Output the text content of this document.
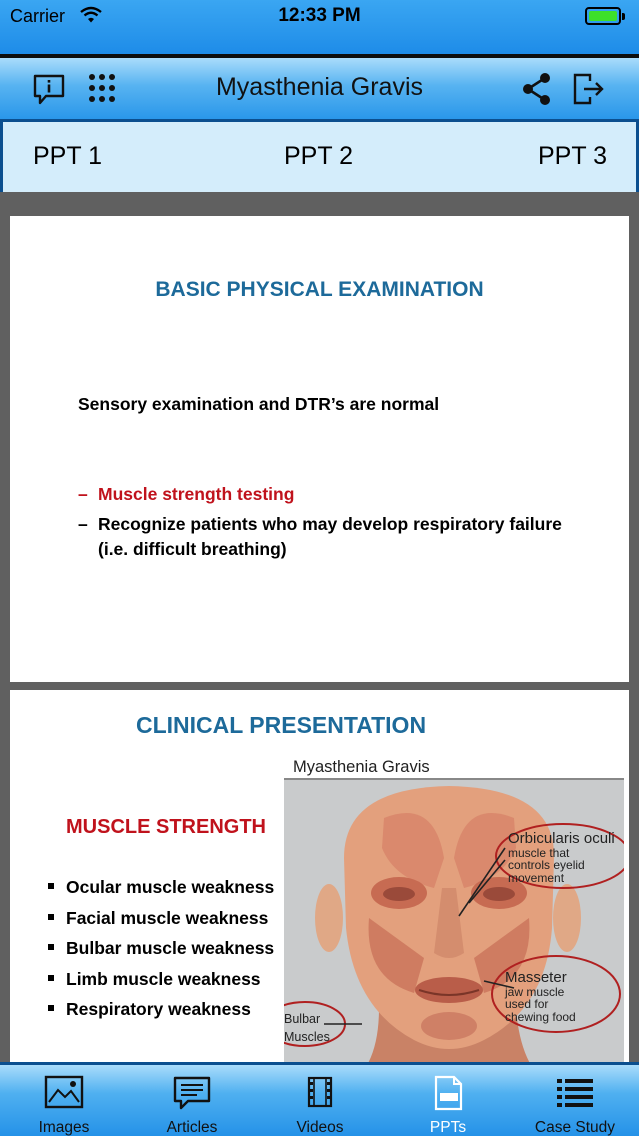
Carrier	12:33 PM
Myasthenia Gravis
PPT 1	PPT 2	PPT 3
BASIC PHYSICAL EXAMINATION
Sensory examination and DTR’s are normal
– Muscle strength testing
– Recognize patients who may develop respiratory failure
(i.e. difficult breathing)
CLINICAL PRESENTATION
MUSCLE STRENGTH
Ocular muscle weakness
Facial muscle weakness
Bulbar muscle weakness
Limb muscle weakness
Respiratory weakness
Myasthenia Gravis
Orbicularis oculi
muscle that
controls eyelid
movement
Masseter
jaw muscle
used for
chewing food
Bulbar
Muscles
Images	Articles	Videos	PPTs	Case Study
